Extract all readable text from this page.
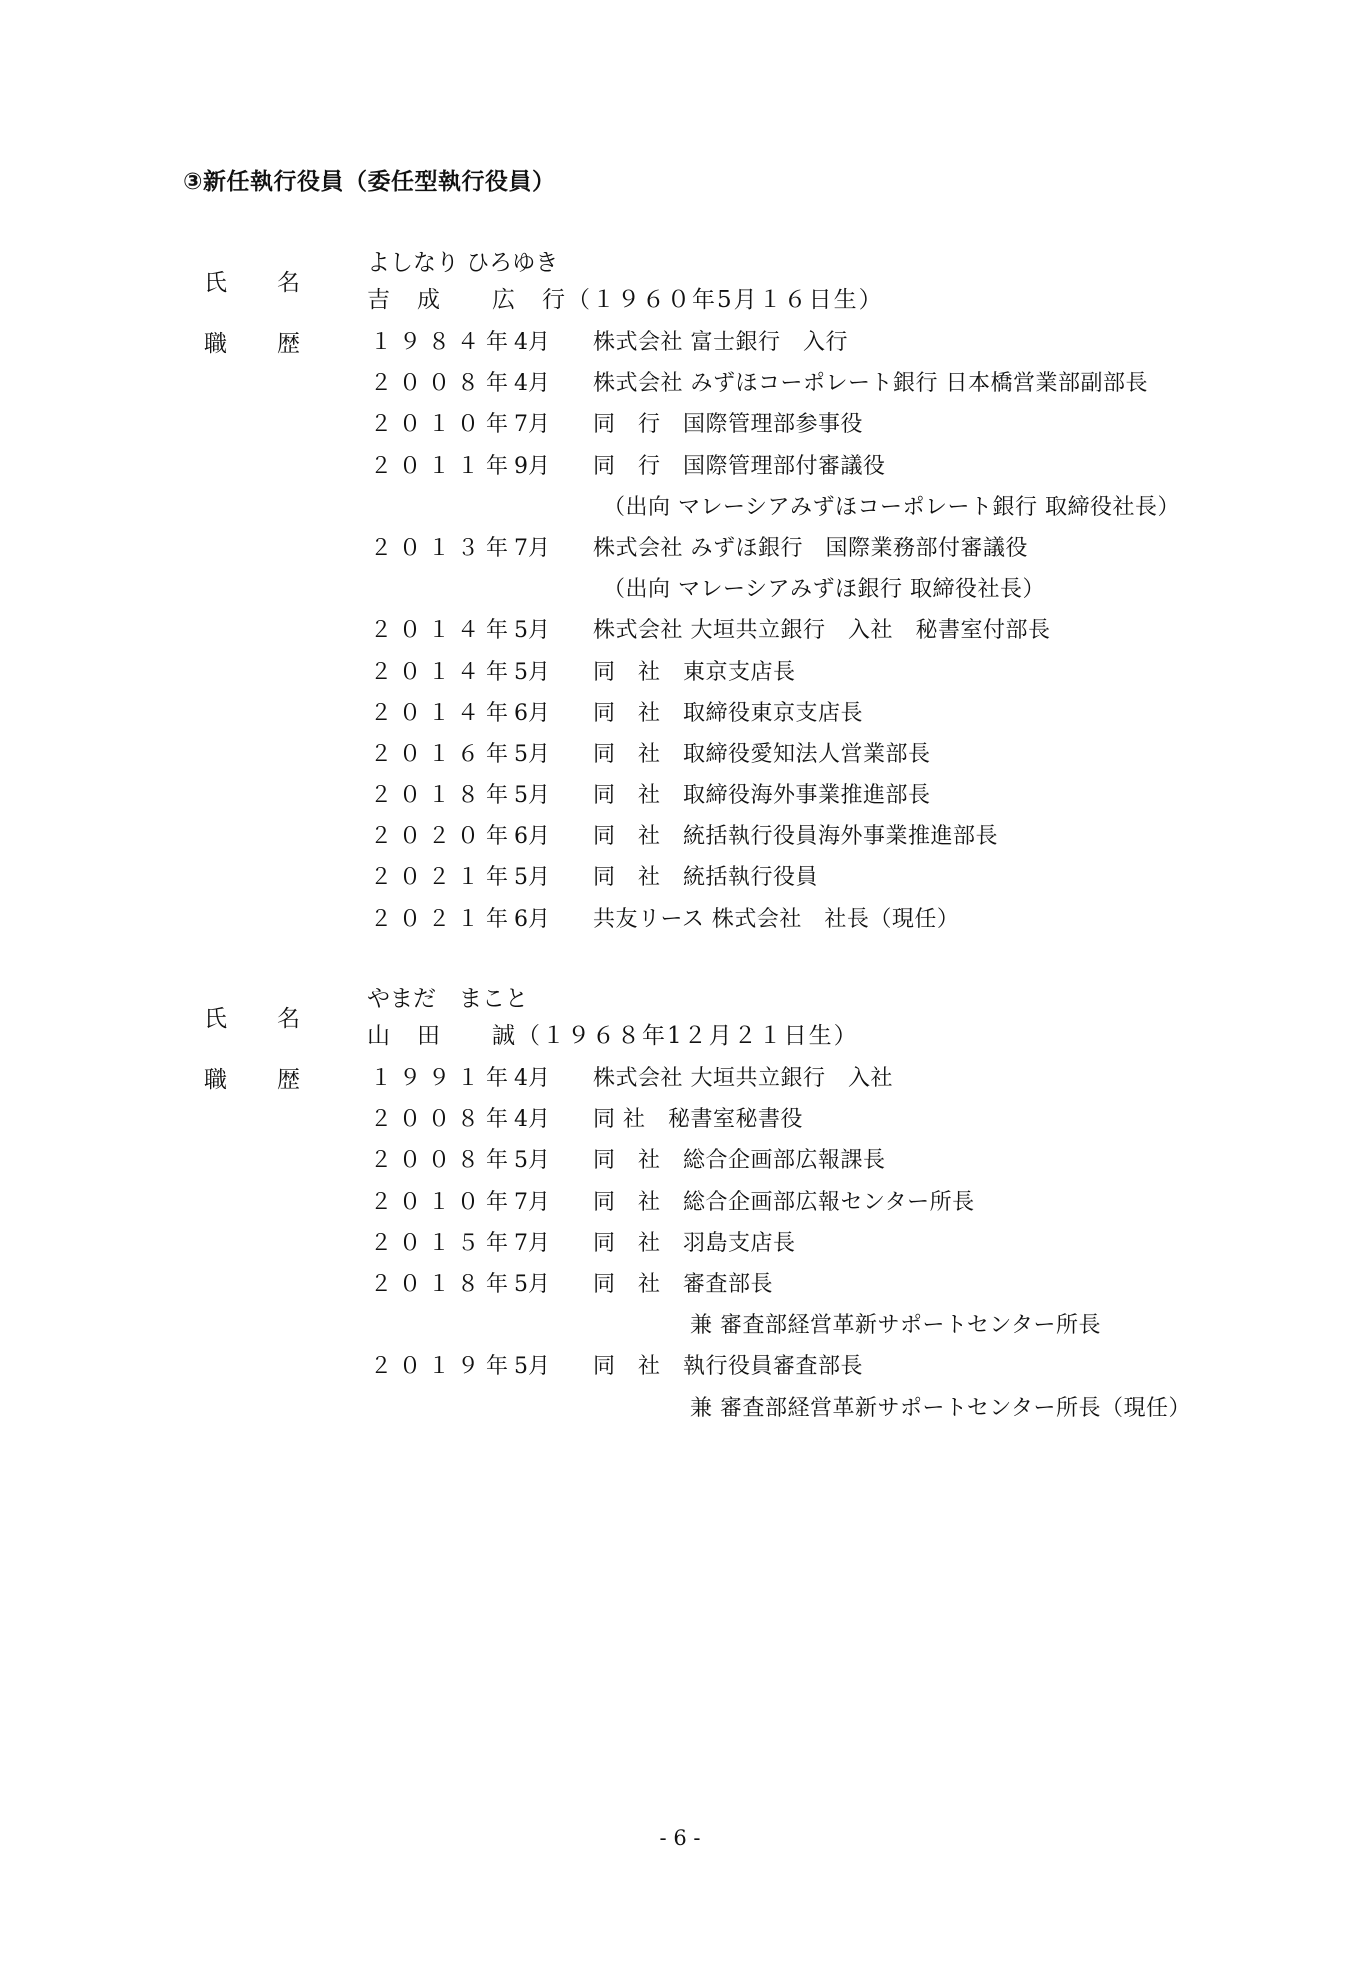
③新任執行役員（委任型執行役員）
氏 名
よしなり ひろゆき
吉　成　　広　行（１９６０年5月１６日生）
職 歴	１９８４年
4月 株式会社 富士銀行　入行
２００８年
4月 株式会社 みずほコーポレート銀行 日本橋営業部副部長
２０１０年
7月 同　行　国際管理部参事役
２０１１年
9月 同　行　国際管理部付審議役
（出向 マレーシアみずほコーポレート銀行 取締役社長）
２０１３年
7月 株式会社 みずほ銀行　国際業務部付審議役
（出向 マレーシアみずほ銀行 取締役社長）
２０１４年
5月 株式会社 大垣共立銀行　入社　秘書室付部長
２０１４年
5月 同　社　東京支店長
２０１４年
6月 同　社　取締役東京支店長
２０１６年
5月 同　社　取締役愛知法人営業部長
２０１８年
5月 同　社　取締役海外事業推進部長
２０２０年
6月 同　社　統括執行役員海外事業推進部長
２０２１年
5月 同　社　統括執行役員
２０２１年
6月 共友リース 株式会社　社長（現任）
氏 名
やまだ　まこと
山　田　　誠（１９６８年1２月２１日生）
職 歴	１９９１年
4月 株式会社 大垣共立銀行　入社
２００８年
4月 同 社　秘書室秘書役
２００８年
5月 同　社　総合企画部広報課長
２０１０年
7月 同　社　総合企画部広報センター所長
２０１５年
7月 同　社　羽島支店長
２０１８年
5月 同　社　審査部長
兼 審査部経営革新サポートセンター所長
２０１９年
5月 同　社　執行役員審査部長
兼 審査部経営革新サポートセンター所長（現任）
- 6 -
